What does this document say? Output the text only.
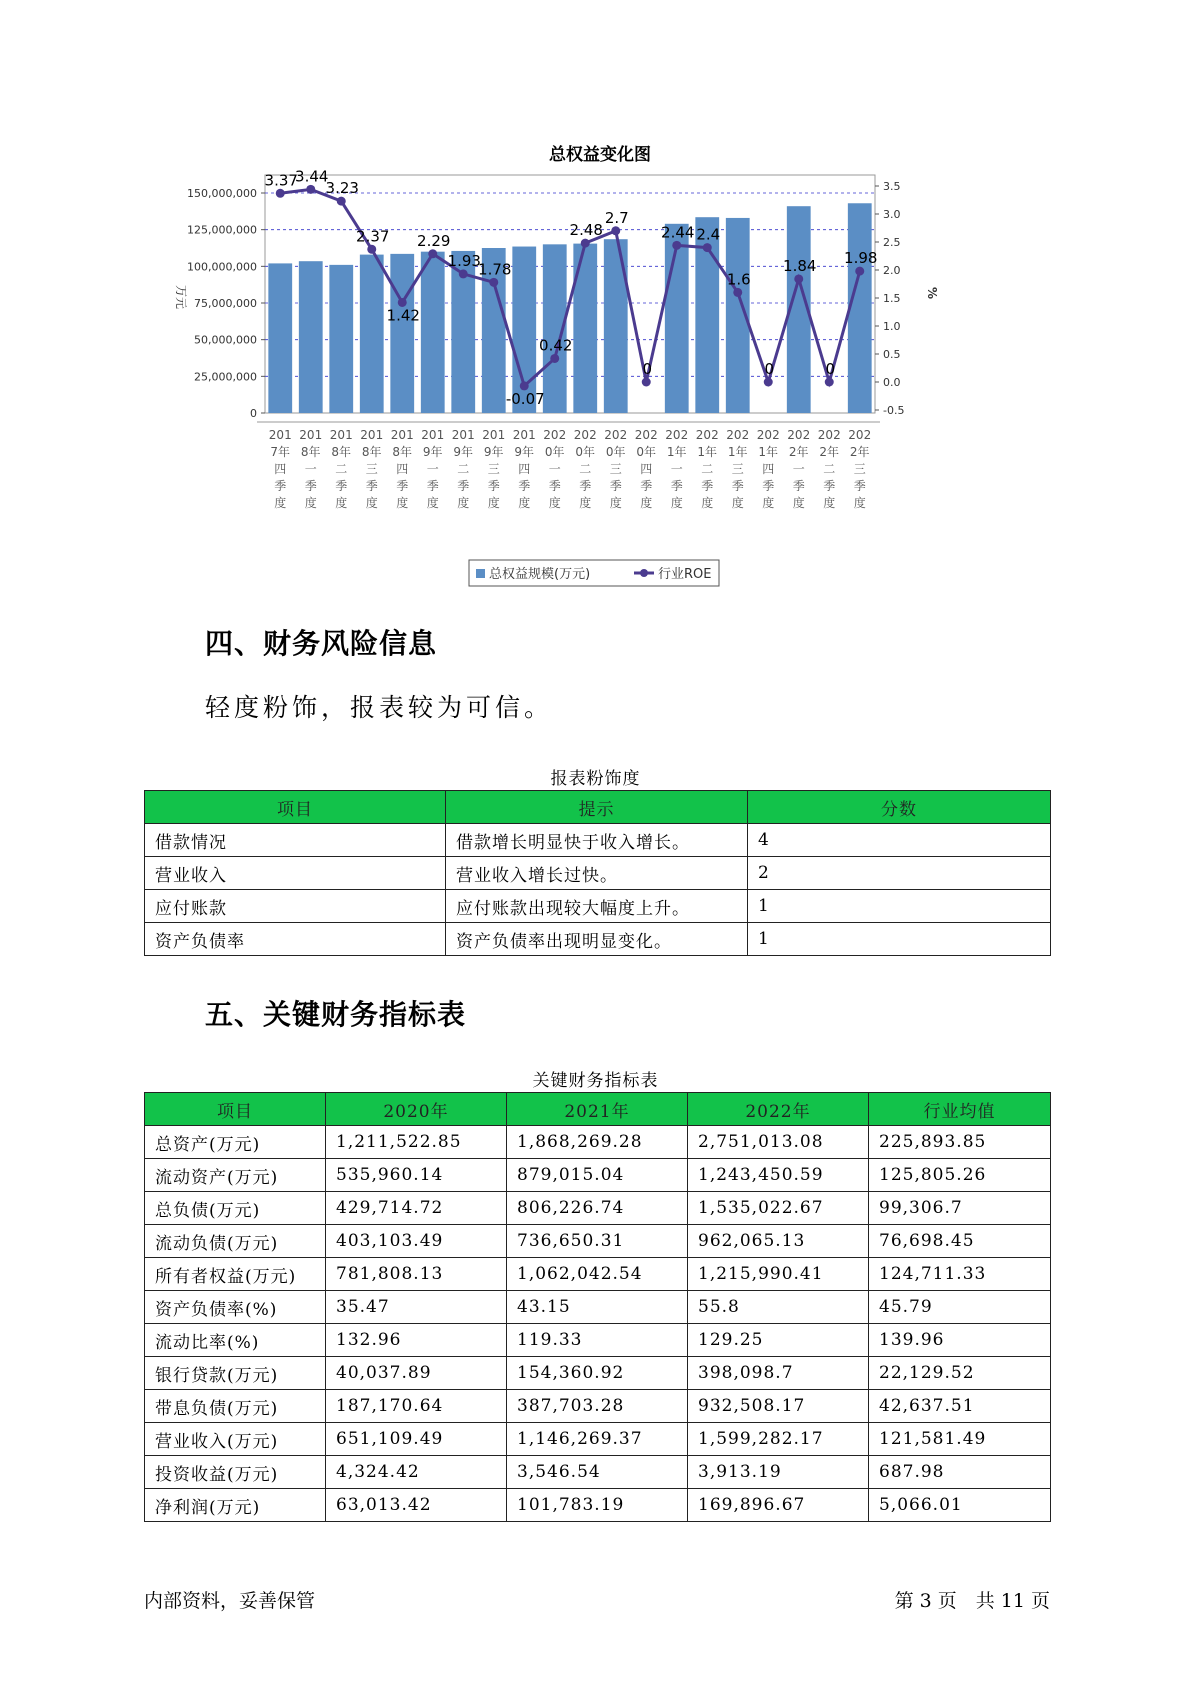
总权益变化图
0
25,000,000
50,000,000
75,000,000
100,000,000
125,000,000
150,000,000
-0.5
0.0
0.5
1.0
1.5
2.0
2.5
3.0
3.5
万元	%
3.37
3.44
3.23
2.37
1.42
2.29
1.93
1.78
-0.07
0.42
2.48
2.7
0
2.44 2.4
1.6
0
1.84
0
1.98
201 7年四季度
201 8年一季度
201 8年二季度
201 8年三季度
201 8年四季度
201 9年一季度
201 9年二季度
201 9年三季度
201 9年四季度
202 0年一季度
202 0年二季度
202 0年三季度
202 0年四季度
202 1年一季度
202 1年二季度
202 1年三季度
202 1年四季度
202 2年一季度
202 2年二季度
202 2年三季度
总权益规模(万元)	行业ROE
四、财务风险信息
轻度粉饰，报表较为可信。
报表粉饰度
项目	提示	分数
借款情况	借款增长明显快于收入增长。	4
营业收入	营业收入增长过快。	2
应付账款	应付账款出现较大幅度上升。	1
资产负债率	资产负债率出现明显变化。	1
五、关键财务指标表
关键财务指标表
项目	2020年	2021年	2022年	行业均值
总资产(万元)	1,211,522.85	1,868,269.28	2,751,013.08	225,893.85
流动资产(万元)	535,960.14	879,015.04	1,243,450.59	125,805.26
总负债(万元)	429,714.72	806,226.74	1,535,022.67	99,306.7
流动负债(万元)	403,103.49	736,650.31	962,065.13	76,698.45
所有者权益(万元)	781,808.13	1,062,042.54	1,215,990.41	124,711.33
资产负债率(%)	35.47	43.15	55.8	45.79
流动比率(%)	132.96	119.33	129.25	139.96
银行贷款(万元)	40,037.89	154,360.92	398,098.7	22,129.52
带息负债(万元)	187,170.64	387,703.28	932,508.17	42,637.51
营业收入(万元)	651,109.49	1,146,269.37	1,599,282.17	121,581.49
投资收益(万元)	4,324.42	3,546.54	3,913.19	687.98
净利润(万元)	63,013.42	101,783.19	169,896.67	5,066.01
内部资料，妥善保管	第 3 页　共 11 页
